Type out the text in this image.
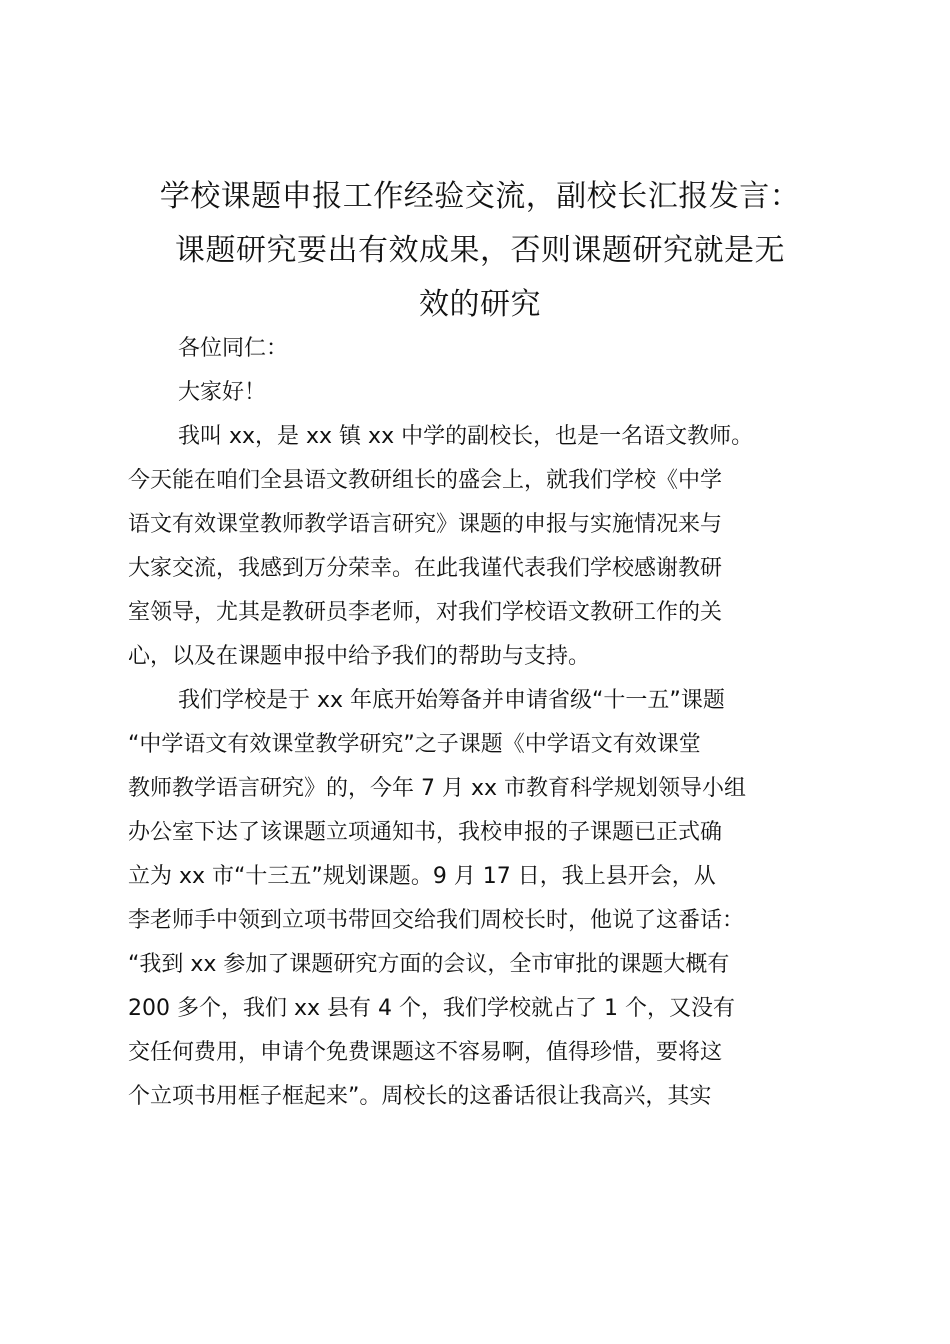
学校课题申报工作经验交流，副校长汇报发言：
课题研究要出有效成果，否则课题研究就是无
效的研究
各位同仁：
大家好！
我叫 xx，是 xx 镇 xx 中学的副校长，也是一名语文教师。
今天能在咱们全县语文教研组长的盛会上，就我们学校《中学
语文有效课堂教师教学语言研究》课题的申报与实施情况来与
大家交流，我感到万分荣幸。在此我谨代表我们学校感谢教研
室领导，尤其是教研员李老师，对我们学校语文教研工作的关
心，以及在课题申报中给予我们的帮助与支持。
我们学校是于 xx 年底开始筹备并申请省级“十一五”课题
“中学语文有效课堂教学研究”之子课题《中学语文有效课堂
教师教学语言研究》的，今年 7 月 xx 市教育科学规划领导小组
办公室下达了该课题立项通知书，我校申报的子课题已正式确
立为 xx 市“十三五”规划课题。9 月 17 日，我上县开会，从
李老师手中领到立项书带回交给我们周校长时，他说了这番话：
“我到 xx 参加了课题研究方面的会议，全市审批的课题大概有
200 多个，我们 xx 县有 4 个，我们学校就占了 1 个，又没有
交任何费用，申请个免费课题这不容易啊，值得珍惜，要将这
个立项书用框子框起来”。周校长的这番话很让我高兴，其实
